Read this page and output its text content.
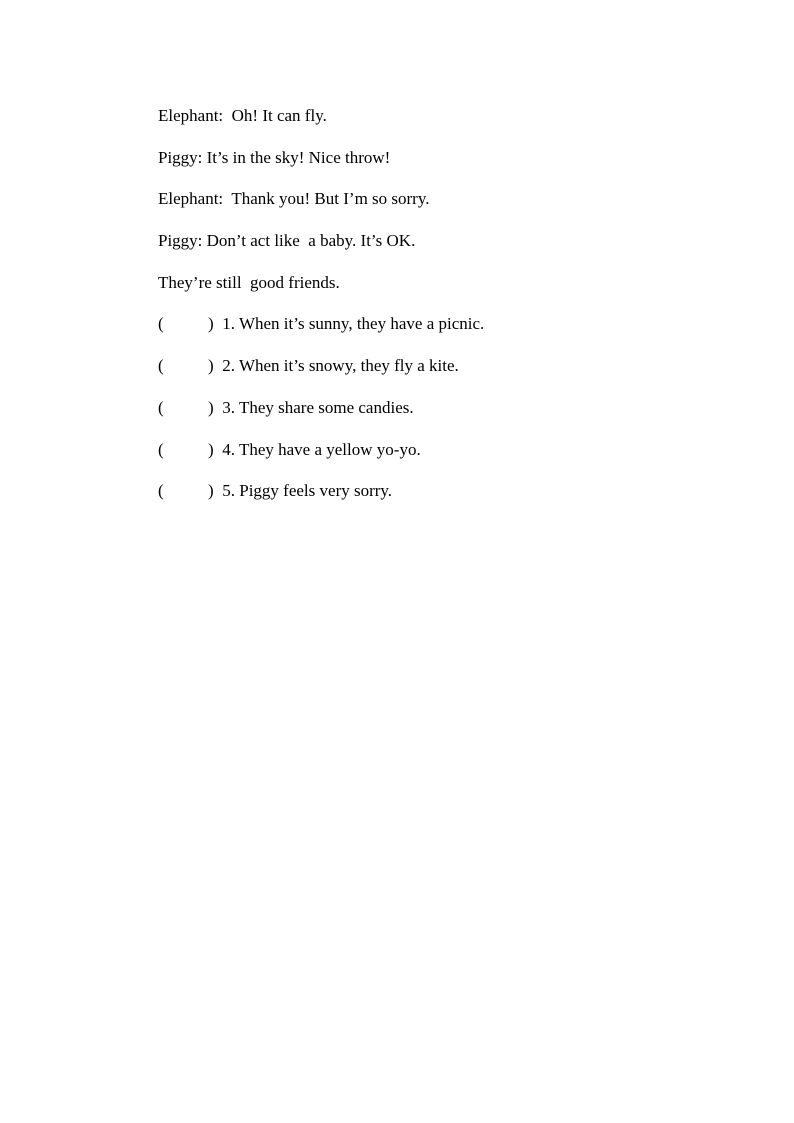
Elephant:  Oh! It can fly.
Piggy: It’s in the sky! Nice throw!
Elephant:  Thank you! But I’m so sorry.
Piggy: Don’t act like  a baby. It’s OK.
They’re still  good friends.
(	) 1. When it’s sunny, they have a picnic.
(	) 2. When it’s snowy, they fly a kite.
(	) 3. They share some candies.
(	) 4. They have a yellow yo-yo.
(	) 5. Piggy feels very sorry.
